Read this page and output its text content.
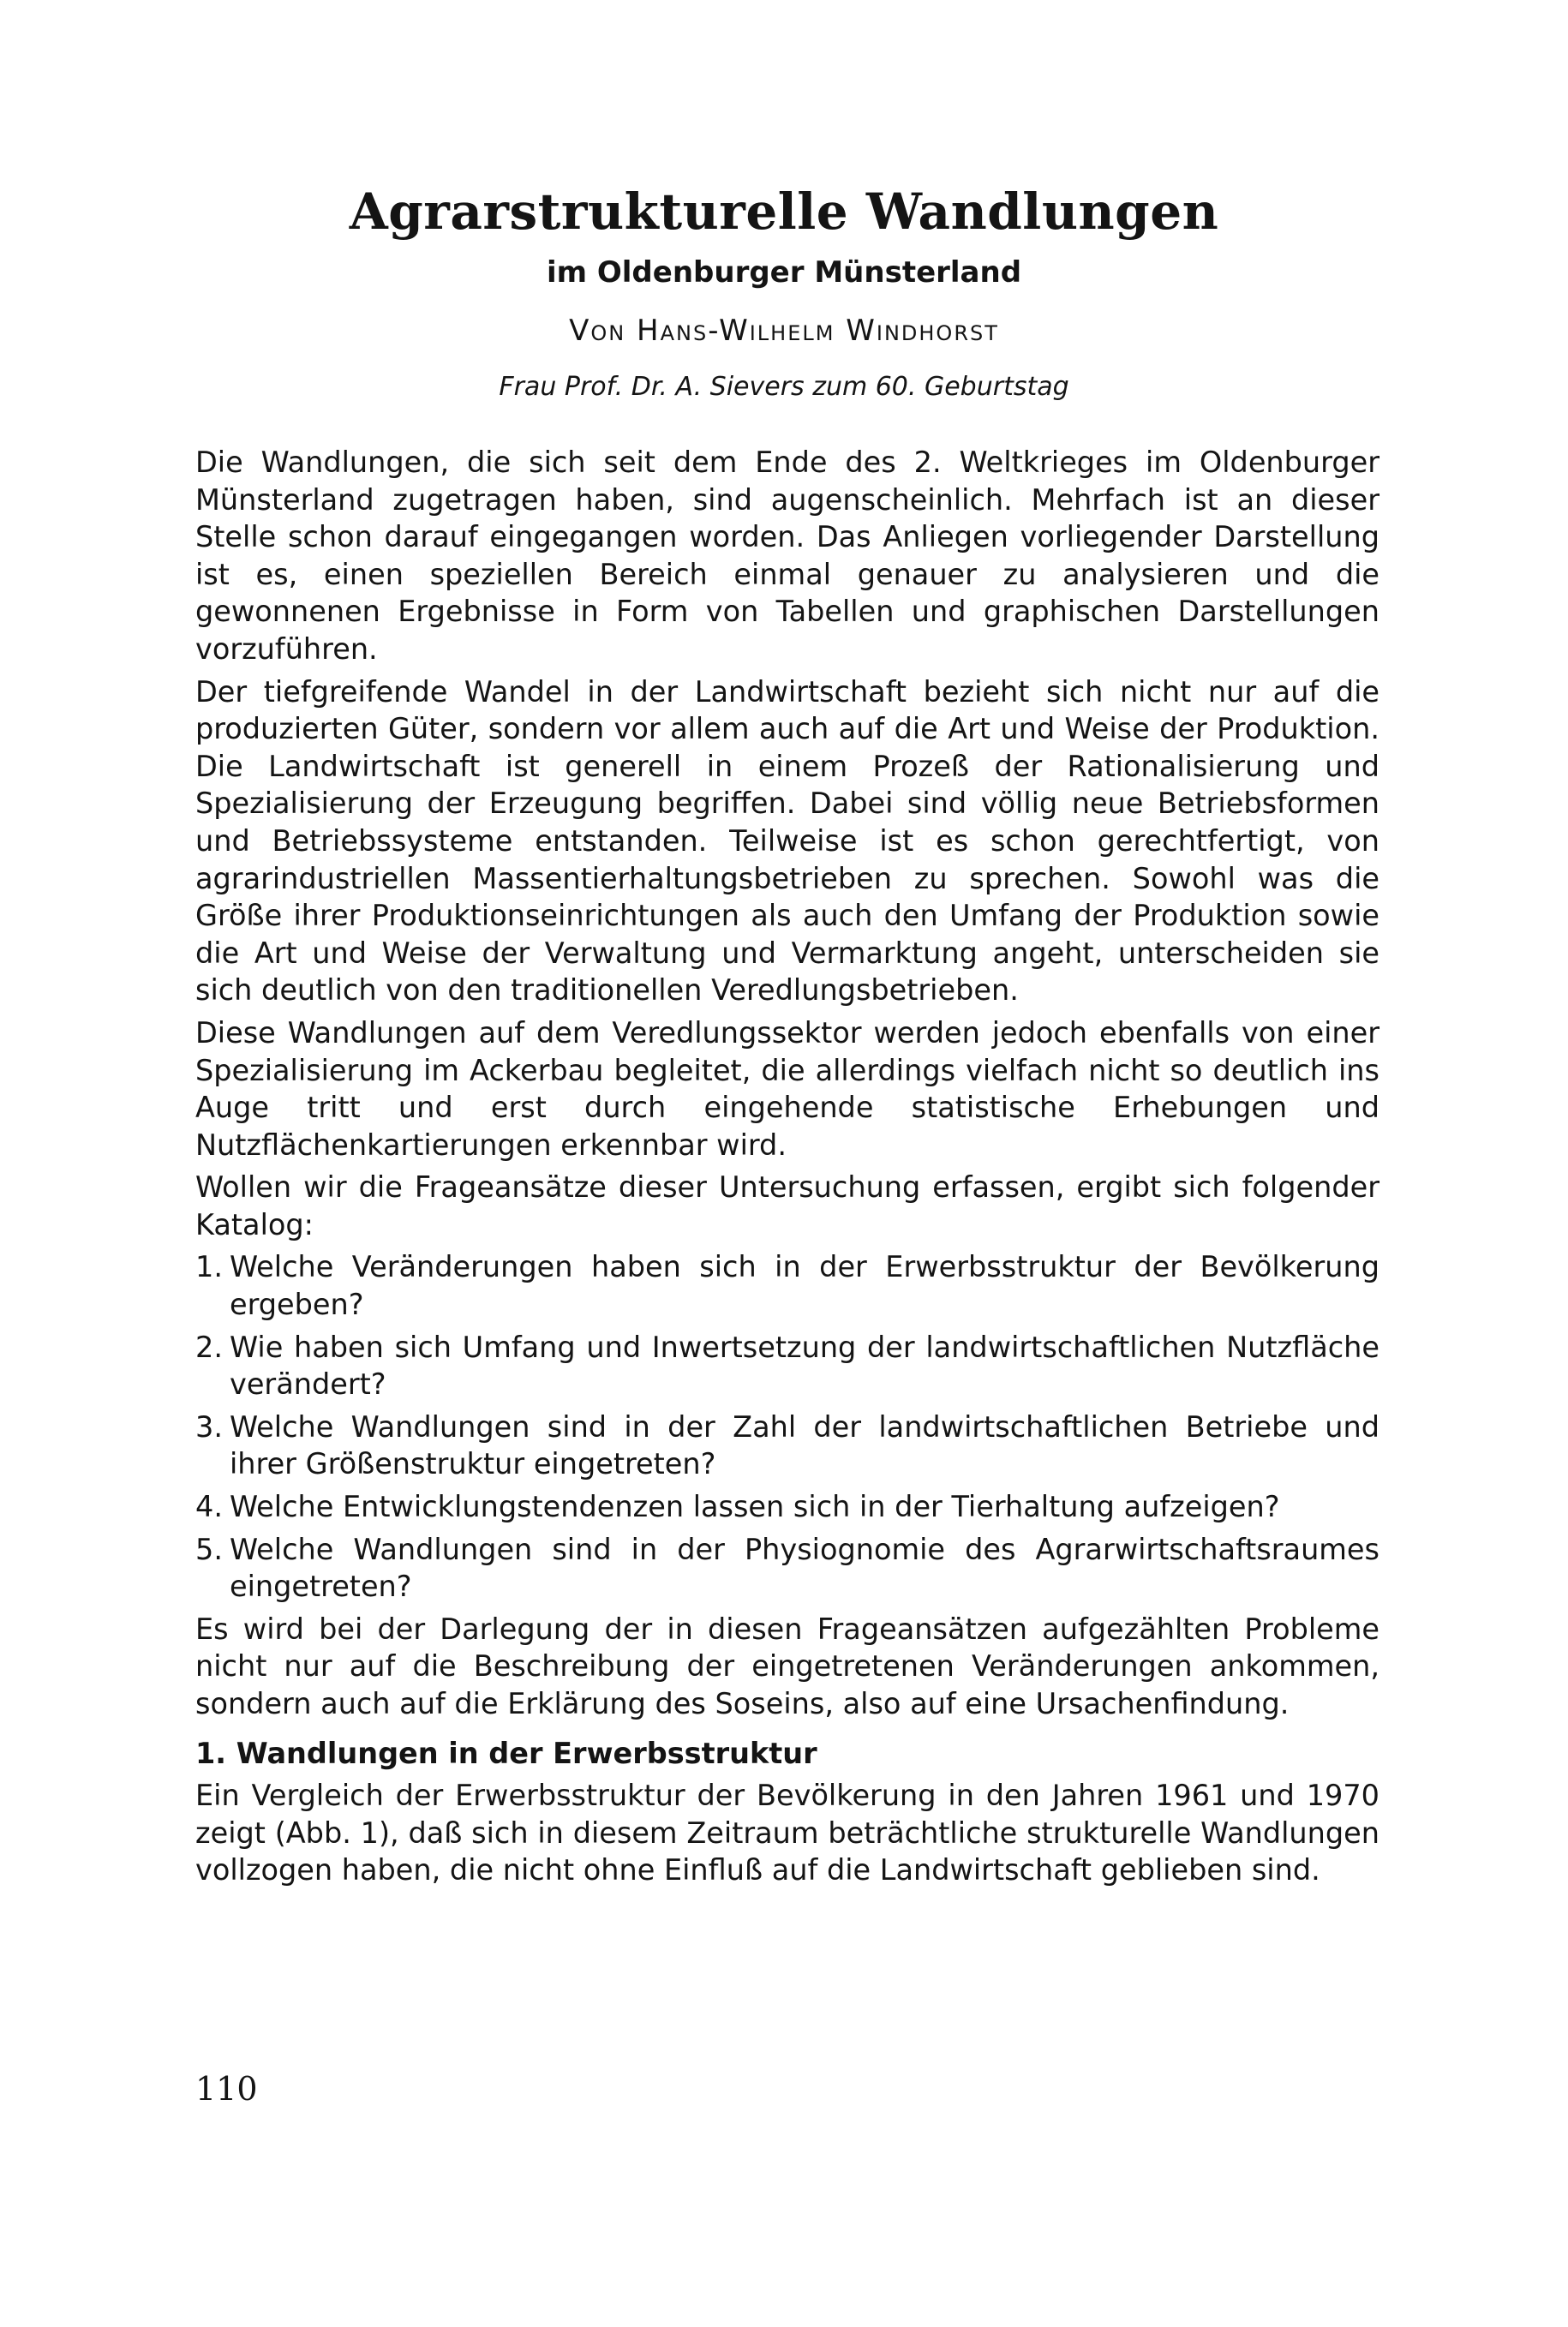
Agrarstrukturelle Wandlungen
im Oldenburger Münsterland
Von Hans-Wilhelm Windhorst
Frau Prof. Dr. A. Sievers zum 60. Geburtstag

Die Wandlungen, die sich seit dem Ende des 2. Weltkrieges im Oldenburger Münsterland zugetragen haben, sind augenscheinlich. Mehrfach ist an dieser Stelle schon darauf eingegangen worden. Das Anliegen vorliegender Darstellung ist es, einen speziellen Bereich einmal genauer zu analysieren und die gewonnenen Ergebnisse in Form von Tabellen und graphischen Darstellungen vorzuführen.

Der tiefgreifende Wandel in der Landwirtschaft bezieht sich nicht nur auf die produzierten Güter, sondern vor allem auch auf die Art und Weise der Produktion. Die Landwirtschaft ist generell in einem Prozeß der Rationalisierung und Spezialisierung der Erzeugung begriffen. Dabei sind völlig neue Betriebsformen und Betriebssysteme entstanden. Teilweise ist es schon gerechtfertigt, von agrarindustriellen Massentierhaltungsbetrieben zu sprechen. Sowohl was die Größe ihrer Produktionseinrichtungen als auch den Umfang der Produktion sowie die Art und Weise der Verwaltung und Vermarktung angeht, unterscheiden sie sich deutlich von den traditionellen Veredlungsbetrieben.

Diese Wandlungen auf dem Veredlungssektor werden jedoch ebenfalls von einer Spezialisierung im Ackerbau begleitet, die allerdings vielfach nicht so deutlich ins Auge tritt und erst durch eingehende statistische Erhebungen und Nutzflächenkartierungen erkennbar wird.

Wollen wir die Frageansätze dieser Untersuchung erfassen, ergibt sich folgender Katalog:

1. Welche Veränderungen haben sich in der Erwerbsstruktur der Bevölkerung ergeben?
2. Wie haben sich Umfang und Inwertsetzung der landwirtschaftlichen Nutzfläche verändert?
3. Welche Wandlungen sind in der Zahl der landwirtschaftlichen Betriebe und ihrer Größenstruktur eingetreten?
4. Welche Entwicklungstendenzen lassen sich in der Tierhaltung aufzeigen?
5. Welche Wandlungen sind in der Physiognomie des Agrarwirtschaftsraumes eingetreten?

Es wird bei der Darlegung der in diesen Frageansätzen aufgezählten Probleme nicht nur auf die Beschreibung der eingetretenen Veränderungen ankommen, sondern auch auf die Erklärung des Soseins, also auf eine Ursachenfindung.

1. Wandlungen in der Erwerbsstruktur

Ein Vergleich der Erwerbsstruktur der Bevölkerung in den Jahren 1961 und 1970 zeigt (Abb. 1), daß sich in diesem Zeitraum beträchtliche strukturelle Wandlungen vollzogen haben, die nicht ohne Einfluß auf die Landwirtschaft geblieben sind.

110
